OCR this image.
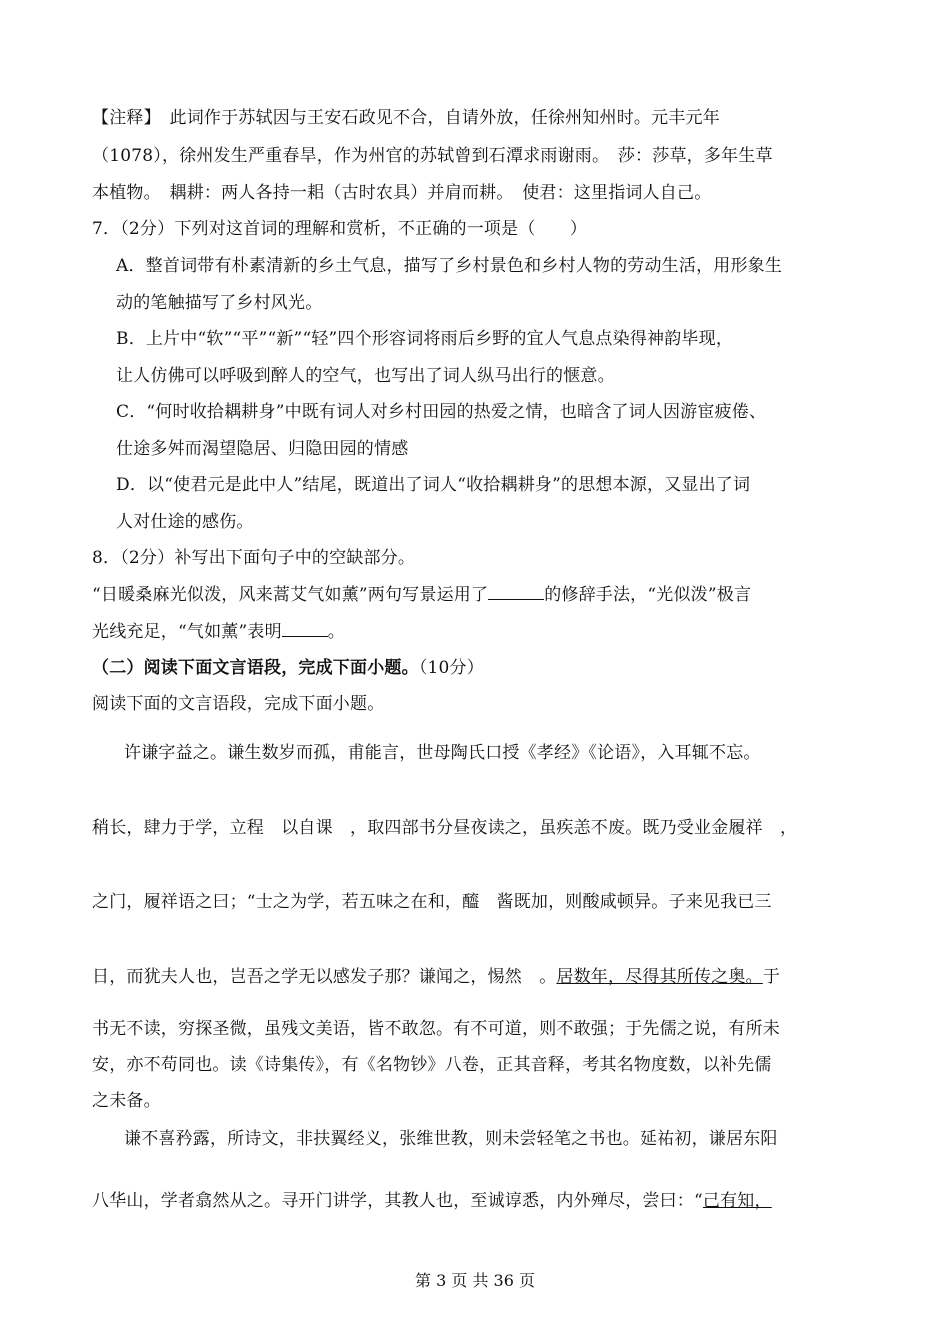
【注释】　此词作于苏轼因与王安石政见不合，自请外放，任徐州知州时。元丰元年
（1078），徐州发生严重春旱，作为州官的苏轼曾到石潭求雨谢雨。　莎：莎草，多年生草
本植物。　耦耕：两人各持一耜（古时农具）并肩而耕。　使君：这里指词人自己。
7．（2分）下列对这首词的理解和赏析，不正确的一项是（　　）
A．整首词带有朴素清新的乡土气息，描写了乡村景色和乡村人物的劳动生活，用形象生
动的笔触描写了乡村风光。
B．上片中“软”“平”“新”“轻”四个形容词将雨后乡野的宜人气息点染得神韵毕现，
让人仿佛可以呼吸到醉人的空气，也写出了词人纵马出行的惬意。
C．“何时收拾耦耕身”中既有词人对乡村田园的热爱之情，也暗含了词人因游宦疲倦、
仕途多舛而渴望隐居、归隐田园的情感
D．以“使君元是此中人”结尾，既道出了词人“收拾耦耕身”的思想本源，又显出了词
人对仕途的感伤。
8．（2分）补写出下面句子中的空缺部分。
“日暖桑麻光似泼，风来蒿艾气如薰”两句写景运用了	的修辞手法，“光似泼”极言
光线充足，“气如薰”表明	。
（二）阅读下面文言语段，完成下面小题。（10分）
阅读下面的文言语段，完成下面小题。
许谦字益之。谦生数岁而孤，甫能言，世母陶氏口授《孝经》《论语》，入耳辄不忘。
稍长，肆力于学，立程　以自课　，取四部书分昼夜读之，虽疾恙不废。既乃受业金履祥　，
之门，履祥语之曰；“士之为学，若五味之在和，醯　酱既加，则酸咸顿异。子来见我已三
日，而犹夫人也，岂吾之学无以感发子那？谦闻之，惕然　。居数年，尽得其所传之奥。于
书无不读，穷探圣微，虽残文美语，皆不敢忽。有不可道，则不敢强；于先儒之说，有所未
安，亦不苟同也。读《诗集传》，有《名物钞》八卷，正其音释，考其名物度数，以补先儒
之未备。
谦不喜矜露，所诗文，非扶翼经义，张维世教，则未尝轻笔之书也。延祐初，谦居东阳
八华山，学者翕然从之。寻开门讲学，其教人也，至诚谆悉，内外殚尽，尝曰：“己有知，
第 3 页 共 36 页
